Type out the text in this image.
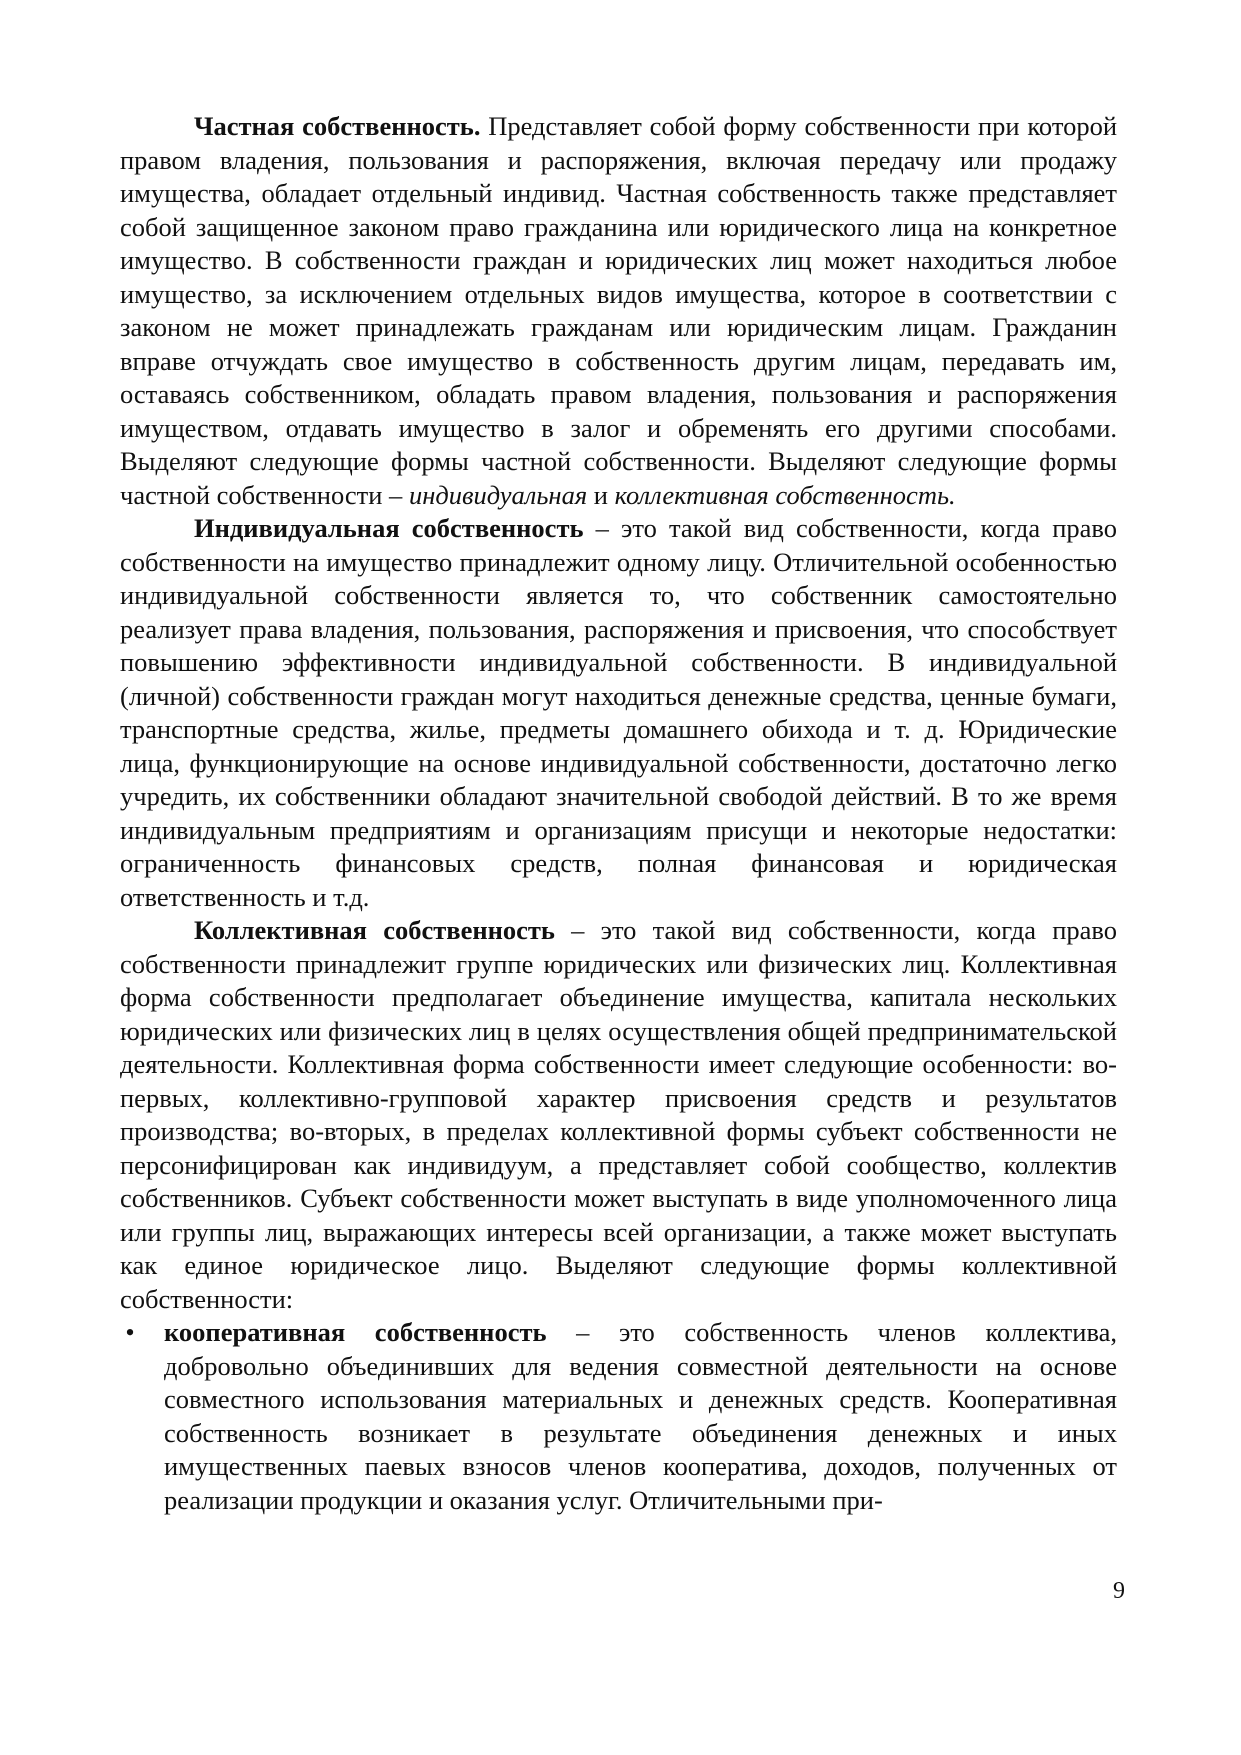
Частная собственность. Представляет собой форму собственности при которой правом владения, пользования и распоряжения, включая передачу или продажу имущества, обладает отдельный индивид. Частная собственность также представляет собой защищенное законом право гражданина или юридического лица на конкретное имущество. В собственности граждан и юридических лиц может находиться любое имущество, за исключением отдельных видов имущества, которое в соответствии с законом не может принадлежать гражданам или юридическим лицам. Гражданин вправе отчуждать свое имущество в собственность другим лицам, передавать им, оставаясь собственником, обладать правом владения, пользования и распоряжения имуществом, отдавать имущество в залог и обременять его другими способами. Выделяют следующие формы частной собственности. Выделяют следующие формы частной собственности – индивидуальная и коллективная собственность.

Индивидуальная собственность – это такой вид собственности, когда право собственности на имущество принадлежит одному лицу. Отличительной особенностью индивидуальной собственности является то, что собственник самостоятельно реализует права владения, пользования, распоряжения и присвоения, что способствует повышению эффективности индивидуальной собственности. В индивидуальной (личной) собственности граждан могут находиться денежные средства, ценные бумаги, транспортные средства, жилье, предметы домашнего обихода и т. д. Юридические лица, функционирующие на основе индивидуальной собственности, достаточно легко учредить, их собственники обладают значительной свободой действий. В то же время индивидуальным предприятиям и организациям присущи и некоторые недостатки: ограниченность финансовых средств, полная финансовая и юридическая ответственность и т.д.

Коллективная собственность – это такой вид собственности, когда право собственности принадлежит группе юридических или физических лиц. Коллективная форма собственности предполагает объединение имущества, капитала нескольких юридических или физических лиц в целях осуществления общей предпринимательской деятельности. Коллективная форма собственности имеет следующие особенности: во-первых, коллективно-групповой характер присвоения средств и результатов производства; во-вторых, в пределах коллективной формы субъект собственности не персонифицирован как индивидуум, а представляет собой сообщество, коллектив собственников. Субъект собственности может выступать в виде уполномоченного лица или группы лиц, выражающих интересы всей организации, а также может выступать как единое юридическое лицо. Выделяют следующие формы коллективной собственности:

• кооперативная собственность – это собственность членов коллектива, добровольно объединивших для ведения совместной деятельности на основе совместного использования материальных и денежных средств. Кооперативная собственность возникает в результате объединения денежных и иных имущественных паевых взносов членов кооператива, доходов, полученных от реализации продукции и оказания услуг. Отличительными при-
9
